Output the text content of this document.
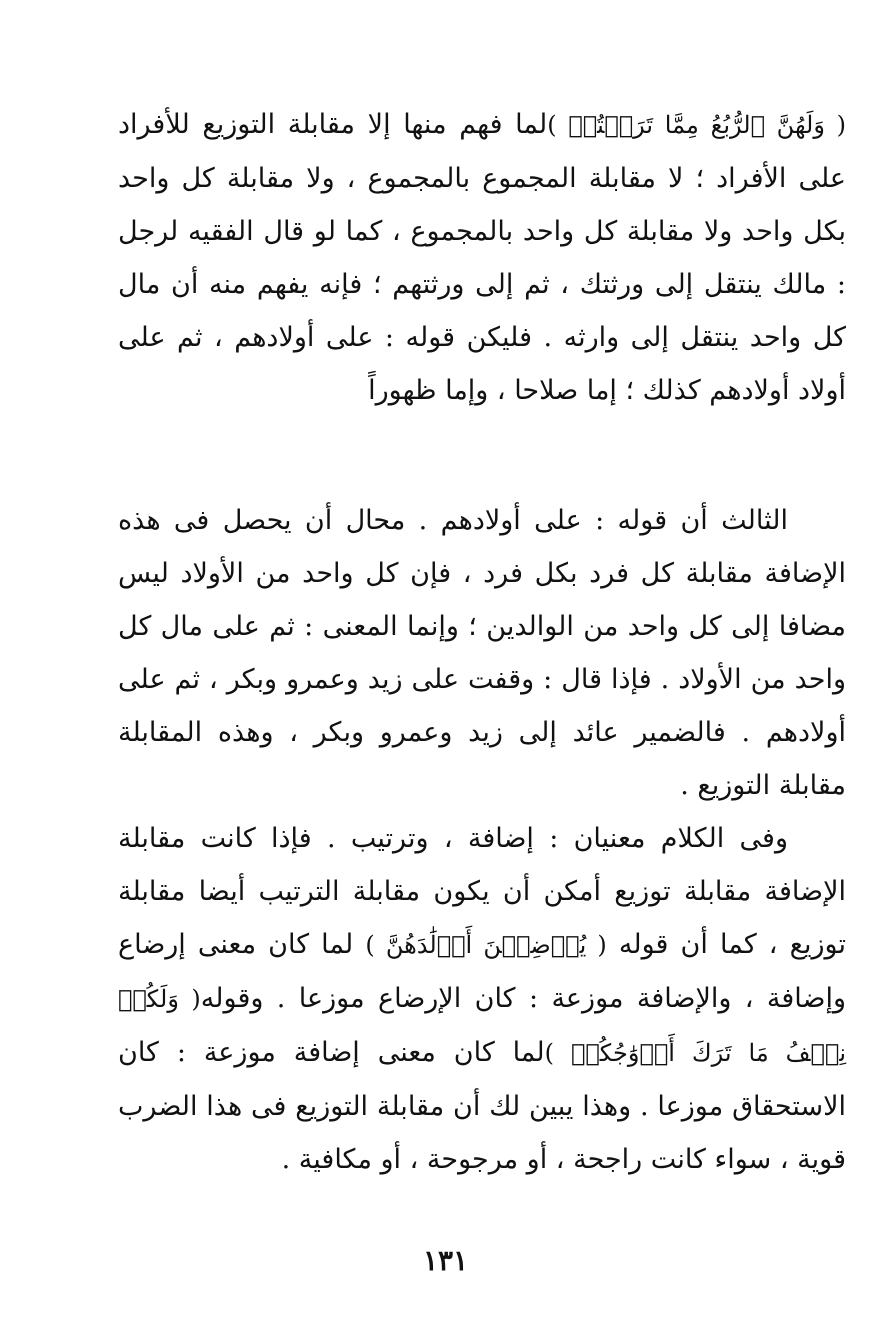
( وَلَهُنَّ ٱلرُّبُعُ مِمَّا تَرَكۡتُمۡ )لما فهم منها إلا مقابلة التوزيع للأفراد على الأفراد ؛ لا مقابلة المجموع بالمجموع ، ولا مقابلة كل واحد بكل واحد ولا مقابلة كل واحد بالمجموع ، كما لو قال الفقيه لرجل : مالك ينتقل إلى ورثتك ، ثم إلى ورثتهم ؛ فإنه يفهم منه أن مال كل واحد ينتقل إلى وارثه . فليكن قوله : على أولادهم ، ثم على أولاد أولادهم كذلك ؛ إما صلاحا ، وإما ظهوراً

الثالث أن قوله : على أولادهم . محال أن يحصل فى هذه الإضافة مقابلة كل فرد بكل فرد ، فإن كل واحد من الأولاد ليس مضافا إلى كل واحد من الوالدين ؛ وإنما المعنى : ثم على مال كل واحد من الأولاد . فإذا قال : وقفت على زيد وعمرو وبكر ، ثم على أولادهم . فالضمير عائد إلى زيد وعمرو وبكر ، وهذه المقابلة مقابلة التوزيع .

وفى الكلام معنيان : إضافة ، وترتيب . فإذا كانت مقابلة الإضافة مقابلة توزيع أمكن أن يكون مقابلة الترتيب أيضا مقابلة توزيع ، كما أن قوله ( يُرۡضِعۡنَ أَوۡلَٰدَهُنَّ ) لما كان معنى إرضاع وإضافة ، والإضافة موزعة : كان الإرضاع موزعا . وقوله( وَلَكُمۡ نِصۡفُ مَا تَرَكَ أَزۡوَٰجُكُمۡ )لما كان معنى إضافة موزعة : كان الاستحقاق موزعا . وهذا يبين لك أن مقابلة التوزيع فى هذا الضرب قوية ، سواء كانت راجحة ، أو مرجوحة ، أو مكافية .

١٣١
